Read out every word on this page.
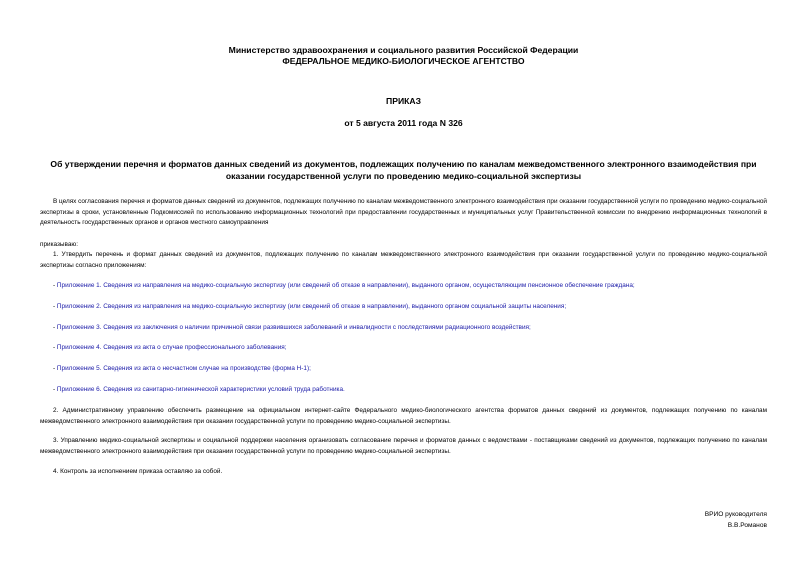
Министерство здравоохранения и социального развития Российской Федерации
ФЕДЕРАЛЬНОЕ МЕДИКО-БИОЛОГИЧЕСКОЕ АГЕНТСТВО
ПРИКАЗ
от 5 августа 2011 года N 326
Об утверждении перечня и форматов данных сведений из документов, подлежащих получению по каналам межведомственного электронного взаимодействия при оказании государственной услуги по проведению медико-социальной экспертизы
В целях согласования перечня и форматов данных сведений из документов, подлежащих получению по каналам межведомственного электронного взаимодействия при оказании государственной услуги по проведению медико-социальной экспертизы в сроки, установленные Подкомиссией по использованию информационных технологий при предоставлении государственных и муниципальных услуг Правительственной комиссии по внедрению информационных технологий в деятельность государственных органов и органов местного самоуправления
приказываю:
1. Утвердить перечень и формат данных сведений из документов, подлежащих получению по каналам межведомственного электронного взаимодействия при оказании государственной услуги по проведению медико-социальной экспертизы согласно приложениям:
- Приложение 1. Сведения из направления на медико-социальную экспертизу (или сведений об отказе в направлении), выданного органом, осуществляющим пенсионное обеспечение граждана;
- Приложение 2. Сведения из направления на медико-социальную экспертизу (или сведений об отказе в направлении), выданного органом социальной защиты населения;
- Приложение 3. Сведения из заключения о наличии причинной связи развившихся заболеваний и инвалидности с последствиями радиационного воздействия;
- Приложение 4. Сведения из акта о случае профессионального заболевания;
- Приложение 5. Сведения из акта о несчастном случае на производстве (форма Н-1);
- Приложение 6. Сведения из санитарно-гигиенической характеристики условий труда работника.
2. Административному управлению обеспечить размещение на официальном интернет-сайте Федерального медико-биологического агентства форматов данных сведений из документов, подлежащих получению по каналам межведомственного электронного взаимодействия при оказании государственной услуги по проведению медико-социальной экспертизы.
3. Управлению медико-социальной экспертизы и социальной поддержки населения организовать согласование перечня и форматов данных с ведомствами - поставщиками сведений из документов, подлежащих получению по каналам межведомственного электронного взаимодействия при оказании государственной услуги по проведению медико-социальной экспертизы.
4. Контроль за исполнением приказа оставляю за собой.
ВРИО руководителя
В.В.Романов
